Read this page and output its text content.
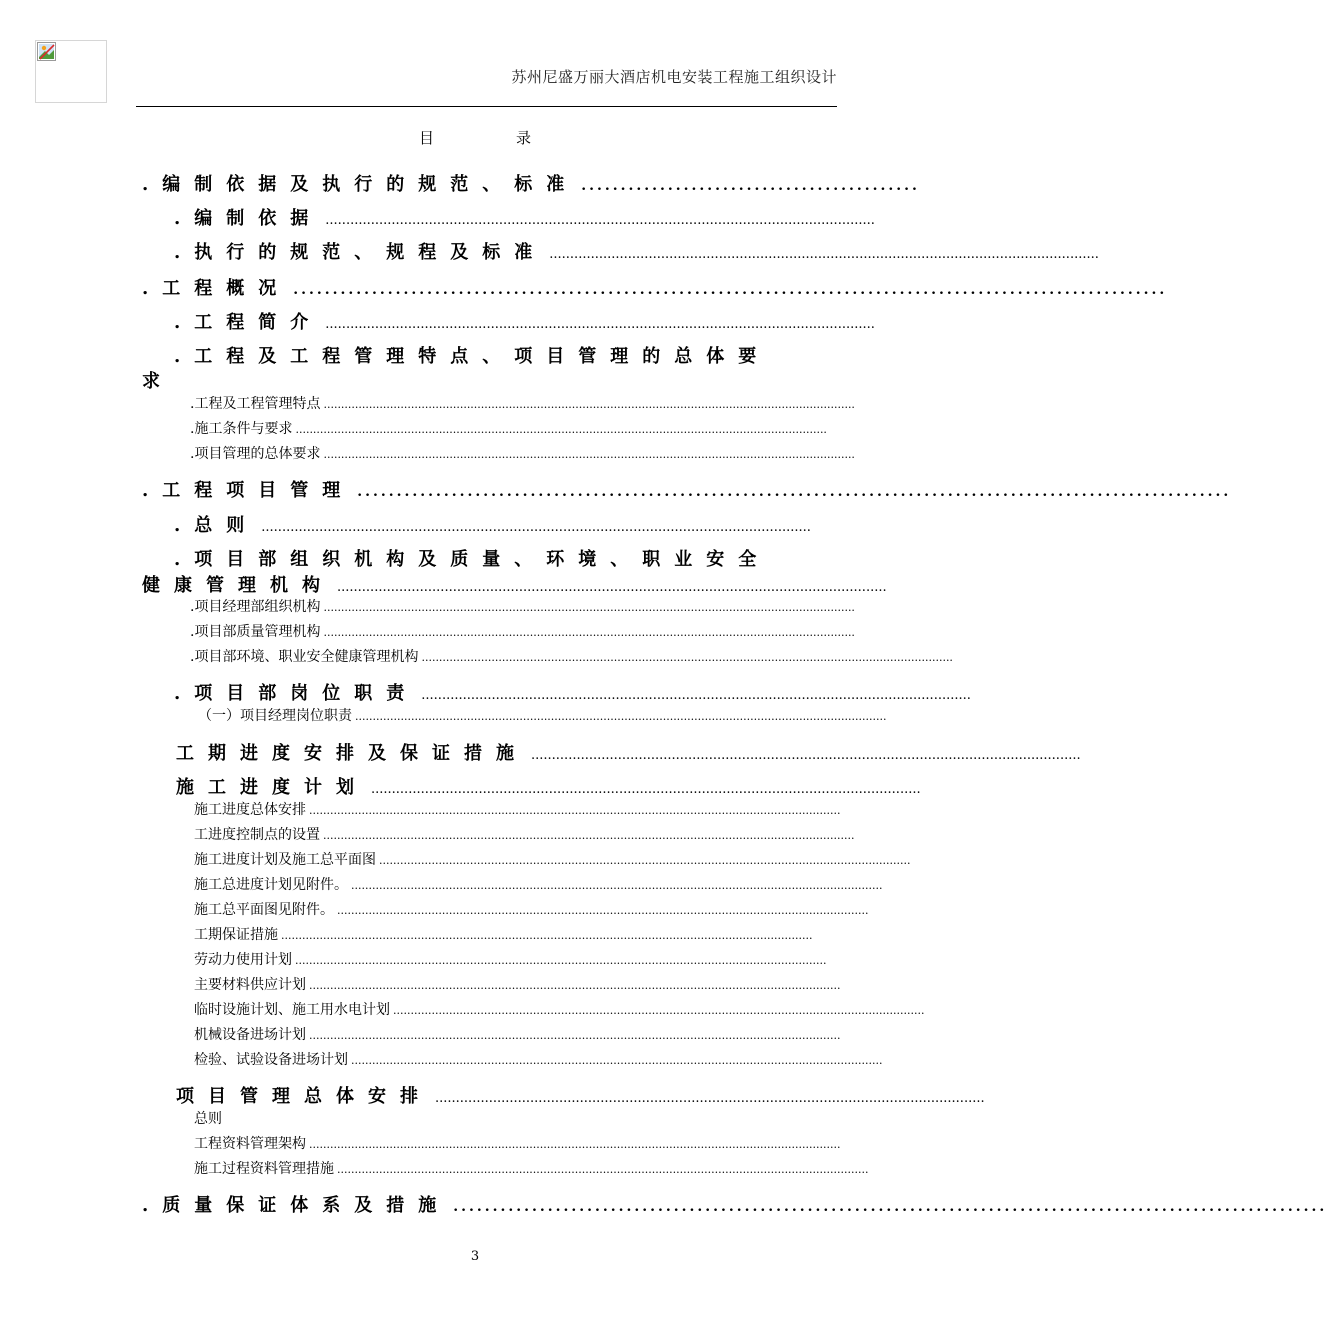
苏州尼盛万丽大酒店机电安装工程施工组织设计
目	录
.编制依据及执行的规范、标准 ...........................................
.编制依据 .....................................................................................................................................
.执行的规范、规程及标准 .....................................................................................................................................
.工程概况 ...............................................................................................................
.工程简介 .....................................................................................................................................
.工程及工程管理特点、项目管理的总体要
求
.工程及工程管理特点 ........................................................................................................................................................
.施工条件与要求 ........................................................................................................................................................
.项目管理的总体要求 ........................................................................................................................................................
.工程项目管理 ...............................................................................................................
.总则 .....................................................................................................................................
.项目部组织机构及质量、环境、职业安全
健康管理机构 .....................................................................................................................................
.项目经理部组织机构 ........................................................................................................................................................
.项目部质量管理机构 ........................................................................................................................................................
.项目部环境、职业安全健康管理机构 ........................................................................................................................................................
.项目部岗位职责 .....................................................................................................................................
（一）项目经理岗位职责 ........................................................................................................................................................
工期进度安排及保证措施 .....................................................................................................................................
施工进度计划 .....................................................................................................................................
施工进度总体安排 ........................................................................................................................................................
工进度控制点的设置 ........................................................................................................................................................
施工进度计划及施工总平面图 ........................................................................................................................................................
施工总进度计划见附件。 ........................................................................................................................................................
施工总平面图见附件。 ........................................................................................................................................................
工期保证措施 ........................................................................................................................................................
劳动力使用计划 ........................................................................................................................................................
主要材料供应计划 ........................................................................................................................................................
临时设施计划、施工用水电计划 ........................................................................................................................................................
机械设备进场计划 ........................................................................................................................................................
检验、试验设备进场计划 ........................................................................................................................................................
项目管理总体安排 .....................................................................................................................................
总则
工程资料管理架构 ........................................................................................................................................................
施工过程资料管理措施 ........................................................................................................................................................
.质量保证体系及措施 ...............................................................................................................
3
